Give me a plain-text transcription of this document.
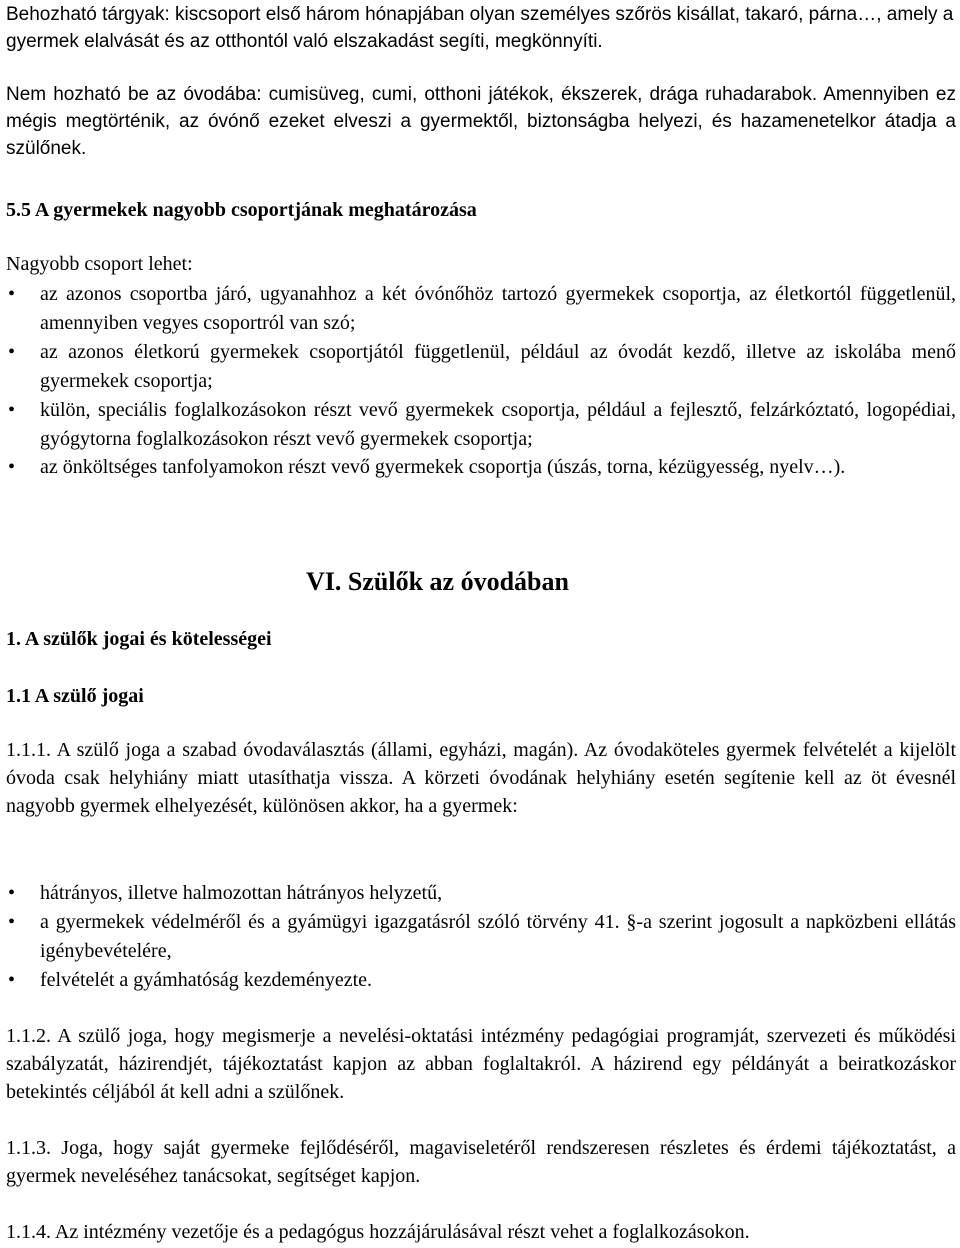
Behozható tárgyak: kiscsoport első három hónapjában olyan személyes szőrös kisállat, takaró, párna…, amely a gyermek elalvását és az otthontól való elszakadást segíti, megkönnyíti.

Nem hozható be az óvodába: cumisüveg, cumi, otthoni játékok, ékszerek, drága ruhadarabok. Amennyiben ez mégis megtörténik, az óvónő ezeket elveszi a gyermektől, biztonságba helyezi, és hazamenetelkor átadja a szülőnek.

5.5 A gyermekek nagyobb csoportjának meghatározása

Nagyobb csoport lehet:

• az azonos csoportba járó, ugyanahhoz a két óvónőhöz tartozó gyermekek csoportja, az életkortól függetlenül, amennyiben vegyes csoportról van szó;
• az azonos életkorú gyermekek csoportjától függetlenül, például az óvodát kezdő, illetve az iskolába menő gyermekek csoportja;
• külön, speciális foglalkozásokon részt vevő gyermekek csoportja, például a fejlesztő, felzárkóztató, logopédiai, gyógytorna foglalkozásokon részt vevő gyermekek csoportja;
• az önköltséges tanfolyamokon részt vevő gyermekek csoportja (úszás, torna, kézügyesség, nyelv…).

VI. Szülők az óvodában

1. A szülők jogai és kötelességei

1.1 A szülő jogai

1.1.1. A szülő joga a szabad óvodaválasztás (állami, egyházi, magán). Az óvodaköteles gyermek felvételét a kijelölt óvoda csak helyhiány miatt utasíthatja vissza. A körzeti óvodának helyhiány esetén segítenie kell az öt évesnél nagyobb gyermek elhelyezését, különösen akkor, ha a gyermek:

• hátrányos, illetve halmozottan hátrányos helyzetű,
• a gyermekek védelméről és a gyámügyi igazgatásról szóló törvény 41. §-a szerint jogosult a napközbeni ellátás igénybevételére,
• felvételét a gyámhatóság kezdeményezte.

1.1.2. A szülő joga, hogy megismerje a nevelési-oktatási intézmény pedagógiai programját, szervezeti és működési szabályzatát, házirendjét, tájékoztatást kapjon az abban foglaltakról. A házirend egy példányát a beiratkozáskor betekintés céljából át kell adni a szülőnek.

1.1.3. Joga, hogy saját gyermeke fejlődéséről, magaviseletéről rendszeresen részletes és érdemi tájékoztatást, a gyermek neveléséhez tanácsokat, segítséget kapjon.

1.1.4. Az intézmény vezetője és a pedagógus hozzájárulásával részt vehet a foglalkozásokon.
